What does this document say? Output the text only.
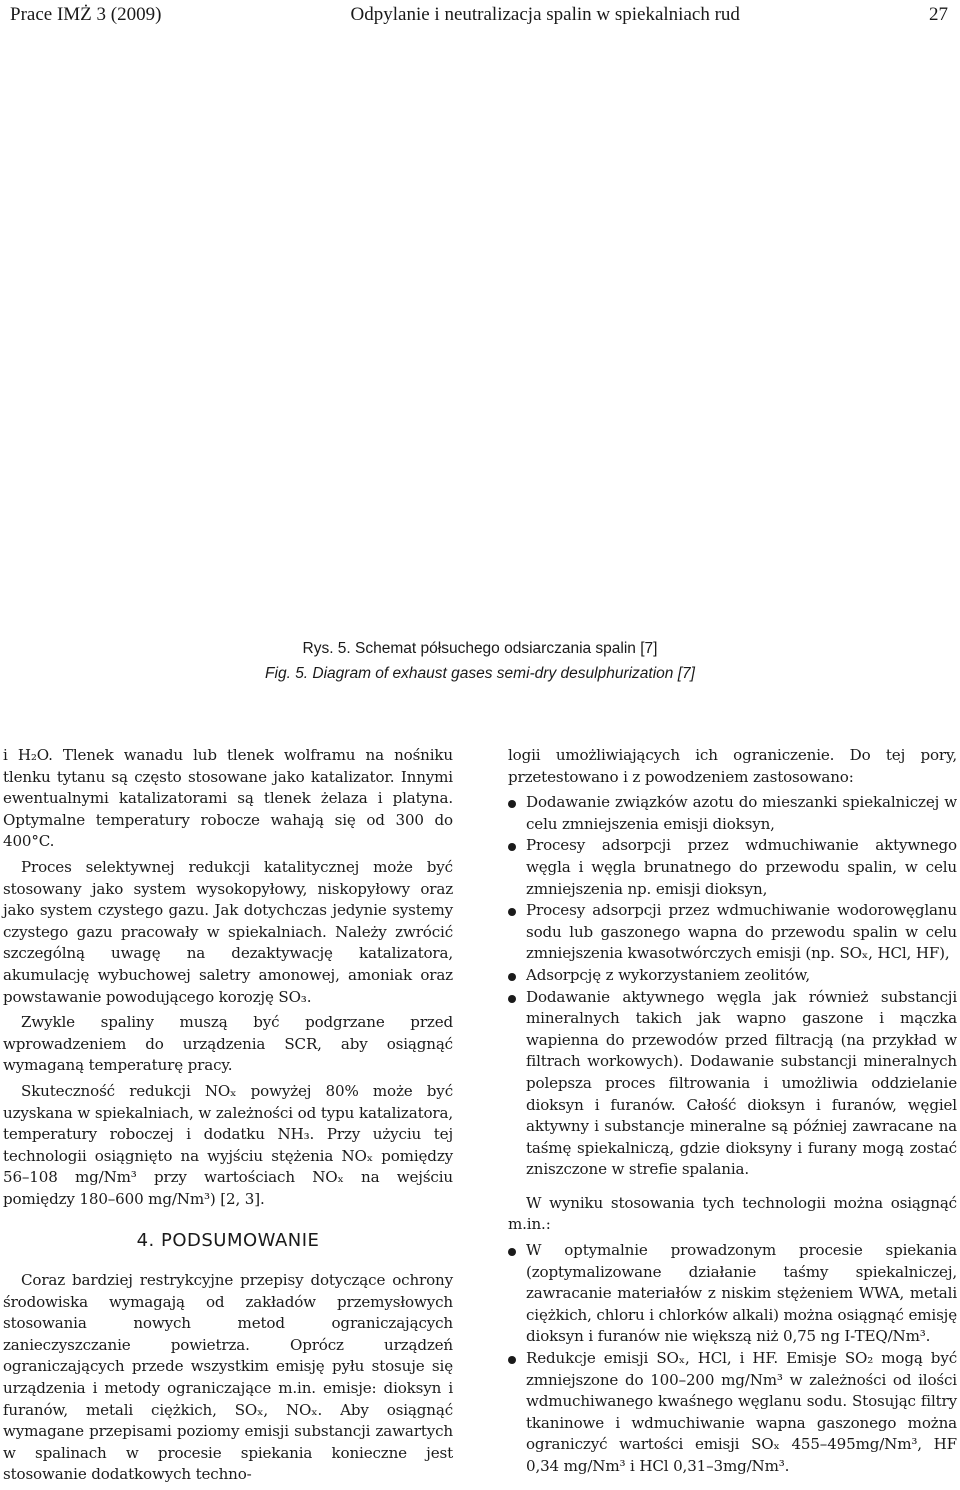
Prace IMŻ 3 (2009)	Odpylanie i neutralizacja spalin w spiekalniach rud	27
Rys. 5. Schemat półsuchego odsiarczania spalin [7]
Fig. 5. Diagram of exhaust gases semi-dry desulphurization [7]

i H₂O. Tlenek wanadu lub tlenek wolframu na nośniku tlenku tytanu są często stosowane jako katalizator. Innymi ewentualnymi katalizatorami są tlenek żelaza i platyna. Optymalne temperatury robocze wahają się od 300 do 400°C.

Proces selektywnej redukcji katalitycznej może być stosowany jako system wysokopyłowy, niskopyłowy oraz jako system czystego gazu. Jak dotychczas jedynie systemy czystego gazu pracowały w spiekalniach. Należy zwrócić szczególną uwagę na dezaktywację katalizatora, akumulację wybuchowej saletry amonowej, amoniak oraz powstawanie powodującego korozję SO₃.

Zwykle spaliny muszą być podgrzane przed wprowadzeniem do urządzenia SCR, aby osiągnąć wymaganą temperaturę pracy.

Skuteczność redukcji NOₓ powyżej 80% może być uzyskana w spiekalniach, w zależności od typu katalizatora, temperatury roboczej i dodatku NH₃. Przy użyciu tej technologii osiągnięto na wyjściu stężenia NOₓ pomiędzy 56–108 mg/Nm³ przy wartościach NOₓ na wejściu pomiędzy 180–600 mg/Nm³) [2, 3].

4. PODSUMOWANIE

Coraz bardziej restrykcyjne przepisy dotyczące ochrony środowiska wymagają od zakładów przemysłowych stosowania nowych metod ograniczających zanieczyszczanie powietrza. Oprócz urządzeń ograniczających przede wszystkim emisję pyłu stosuje się urządzenia i metody ograniczające m.in. emisje: dioksyn i furanów, metali ciężkich, SOₓ, NOₓ. Aby osiągnąć wymagane przepisami poziomy emisji substancji zawartych w spalinach w procesie spiekania konieczne jest stosowanie dodatkowych techno-

logii umożliwiających ich ograniczenie. Do tej pory, przetestowano i z powodzeniem zastosowano:

Dodawanie związków azotu do mieszanki spiekalniczej w celu zmniejszenia emisji dioksyn,
Procesy adsorpcji przez wdmuchiwanie aktywnego węgla i węgla brunatnego do przewodu spalin, w celu zmniejszenia np. emisji dioksyn,
Procesy adsorpcji przez wdmuchiwanie wodorowęglanu sodu lub gaszonego wapna do przewodu spalin w celu zmniejszenia kwasotwórczych emisji (np. SOₓ, HCl, HF),
Adsorpcję z wykorzystaniem zeolitów,
Dodawanie aktywnego węgla jak również substancji mineralnych takich jak wapno gaszone i mączka wapienna do przewodów przed filtracją (na przykład w filtrach workowych). Dodawanie substancji mineralnych polepsza proces filtrowania i umożliwia oddzielanie dioksyn i furanów. Całość dioksyn i furanów, węgiel aktywny i substancje mineralne są później zawracane na taśmę spiekalniczą, gdzie dioksyny i furany mogą zostać zniszczone w strefie spalania.

W wyniku stosowania tych technologii można osiągnąć m.in.:

W optymalnie prowadzonym procesie spiekania (zoptymalizowane działanie taśmy spiekalniczej, zawracanie materiałów z niskim stężeniem WWA, metali ciężkich, chloru i chlorków alkali) można osiągnąć emisję dioksyn i furanów nie większą niż 0,75 ng I-TEQ/Nm³.
Redukcje emisji SOₓ, HCl, i HF. Emisje SO₂ mogą być zmniejszone do 100–200 mg/Nm³ w zależności od ilości wdmuchiwanego kwaśnego węglanu sodu. Stosując filtry tkaninowe i wdmuchiwanie wapna gaszonego można ograniczyć wartości emisji SOₓ 455–495mg/Nm³, HF 0,34 mg/Nm³ i HCl 0,31–3mg/Nm³.
